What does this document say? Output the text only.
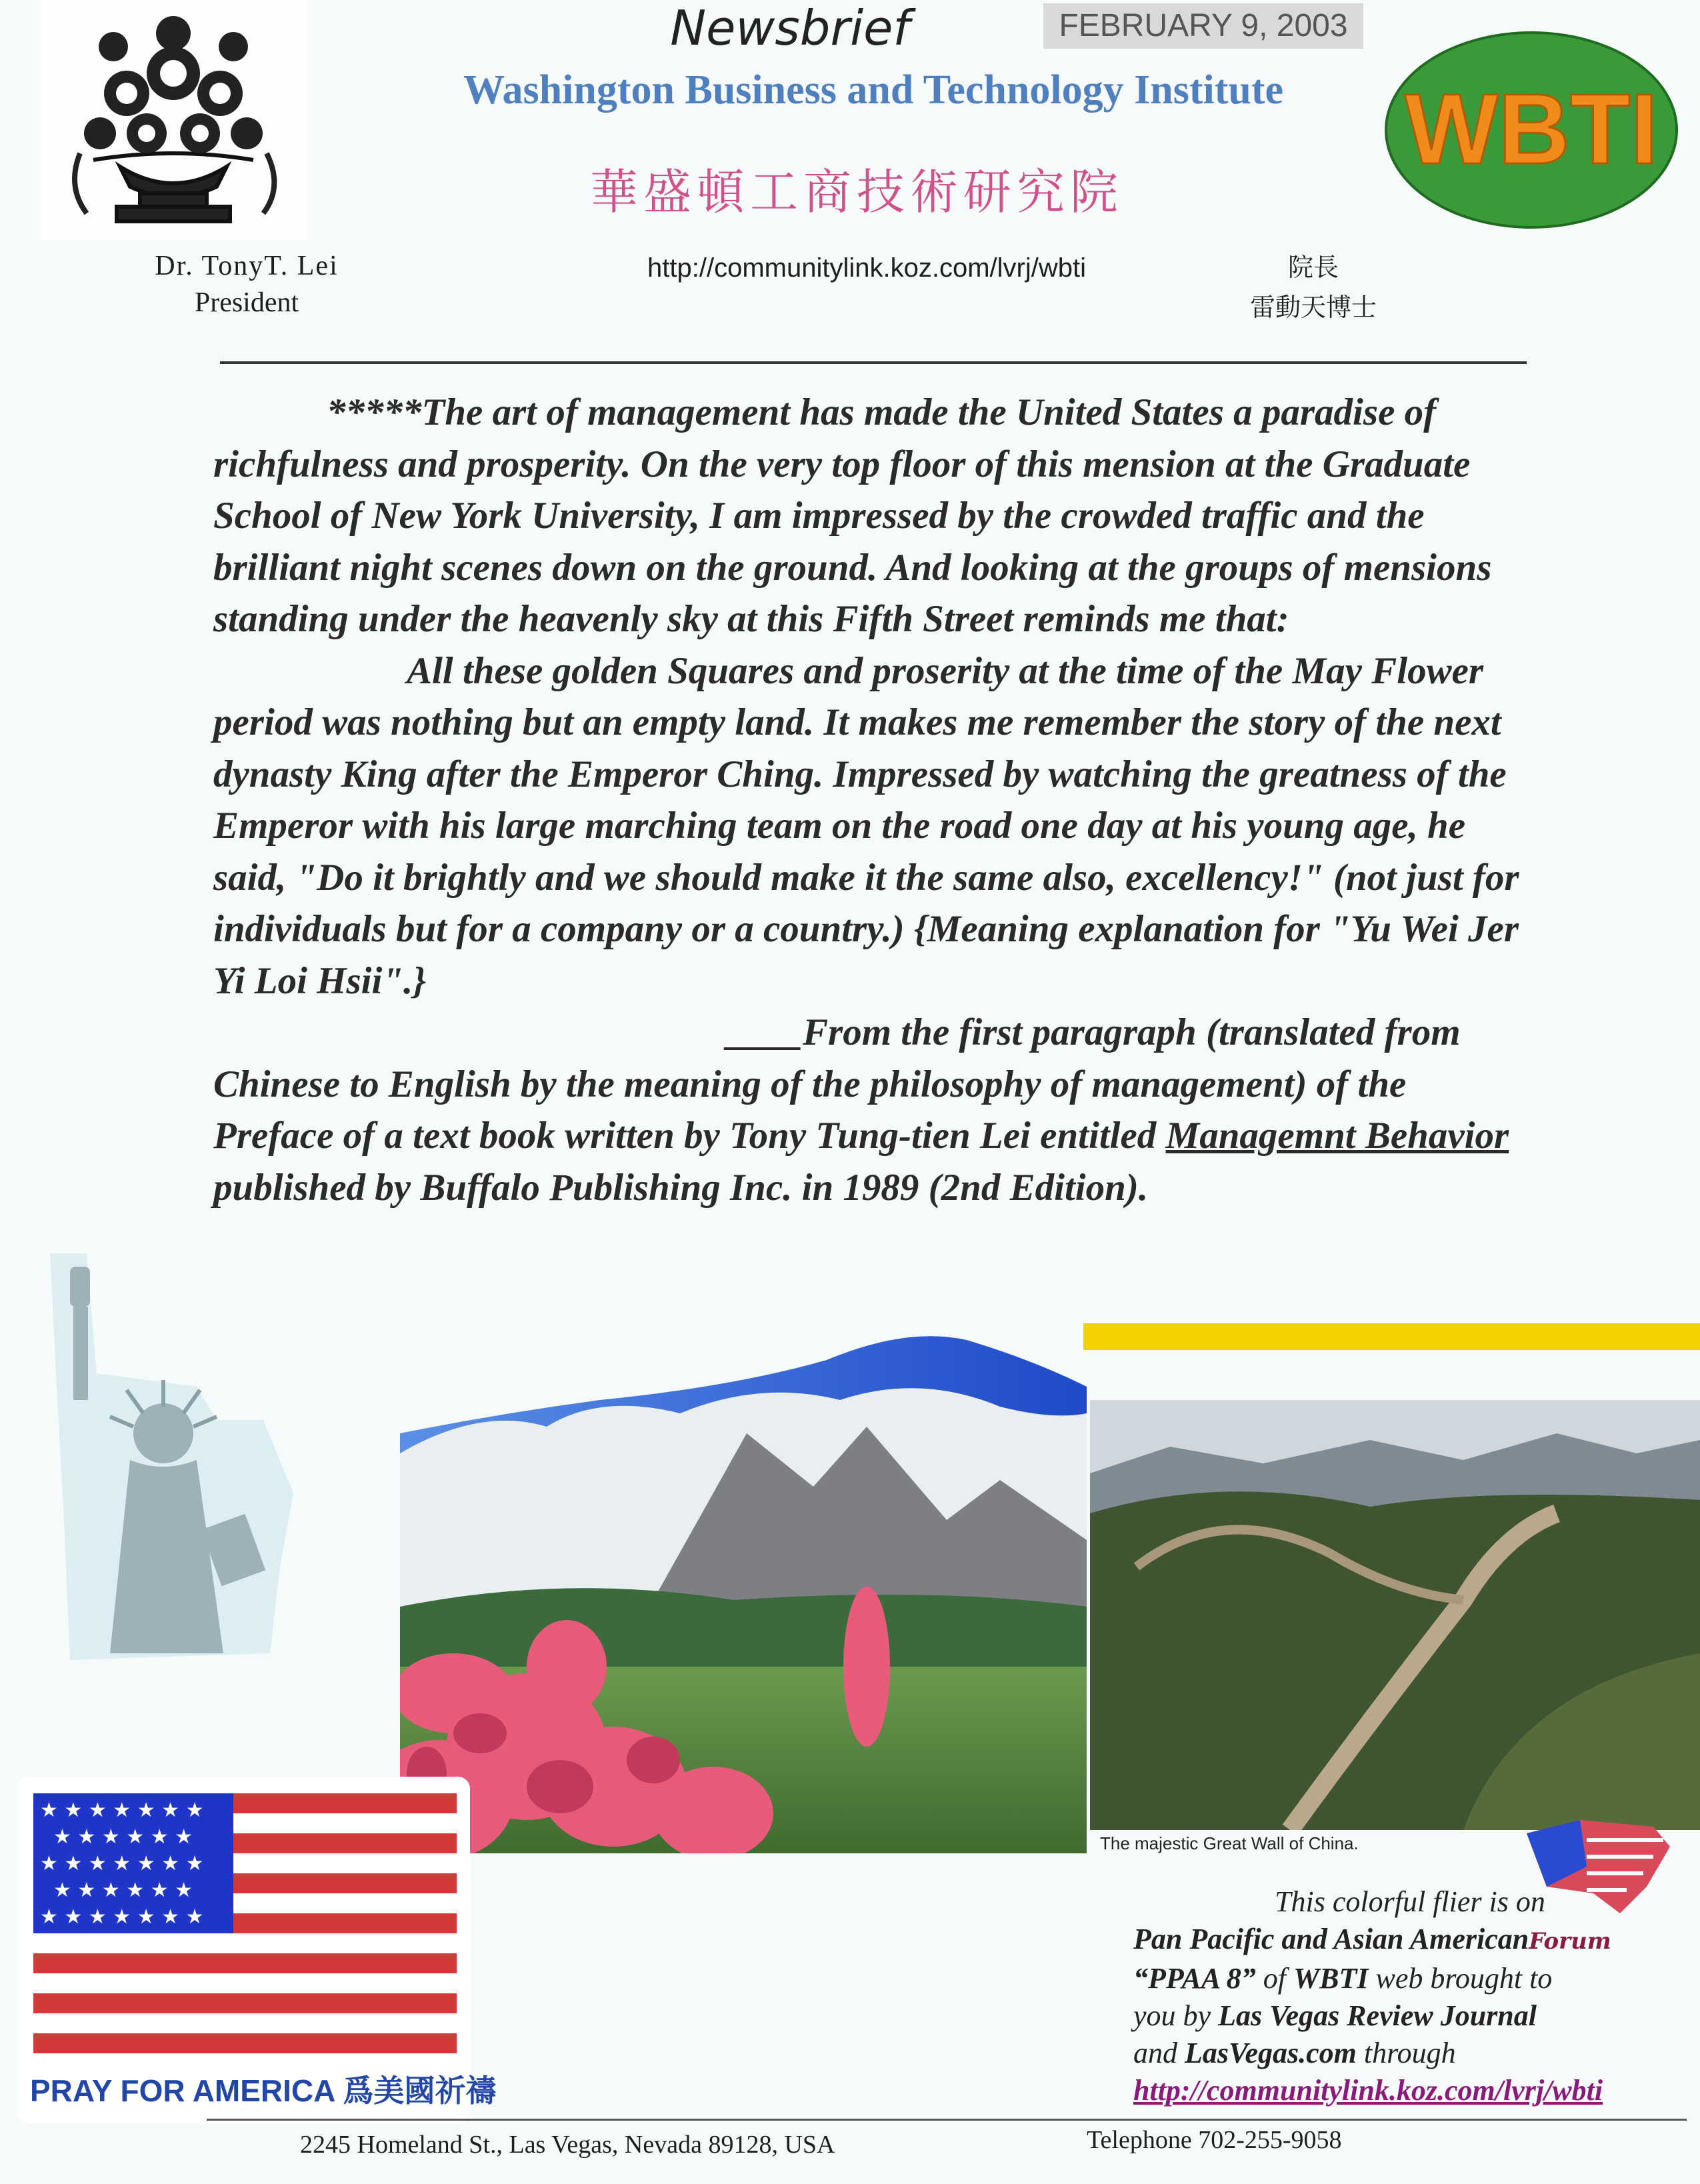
Newsbrief	FEBRUARY 9, 2003
Washington Business and Technology Institute
華盛頓工商技術研究院
WBTI
Dr. TonyT. Lei
President
http://communitylink.koz.com/lvrj/wbti	院長
雷動天博士

*****The art of management has made the United States a paradise of richfulness and prosperity. On the very top floor of this mension at the Graduate School of New York University, I am impressed by the crowded traffic and the brilliant night scenes down on the ground. And looking at the groups of mensions standing under the heavenly sky at this Fifth Street reminds me that:

All these golden Squares and proserity at the time of the May Flower period was nothing but an empty land. It makes me remember the story of the next dynasty King after the Emperor Ching. Impressed by watching the greatness of the Emperor with his large marching team on the road one day at his young age, he said, "Do it brightly and we should make it the same also, excellency!" (not just for individuals but for a company or a country.) {Meaning explanation for "Yu Wei Jer Yi Loi Hsii".}

____From the first paragraph (translated from Chinese to English by the meaning of the philosophy of management) of the Preface of a text book written by Tony Tung-tien Lei entitled Managemnt Behavior published by Buffalo Publishing Inc. in 1989 (2nd Edition).

The majestic Great Wall of China.
★ ★ ★ ★ ★ ★ ★
★ ★ ★ ★ ★ ★
★ ★ ★ ★ ★ ★ ★
★ ★ ★ ★ ★ ★
★ ★ ★ ★ ★ ★ ★
PRAY FOR AMERICA 爲美國祈禱

This colorful flier is on

Pan Pacific and Asian AmericanForum

“PPAA 8” of WBTI web brought to

you by Las Vegas Review Journal

and LasVegas.com through

http://communitylink.koz.com/lvrj/wbti

2245 Homeland St., Las Vegas, Nevada 89128, USA	Telephone 702-255-9058
